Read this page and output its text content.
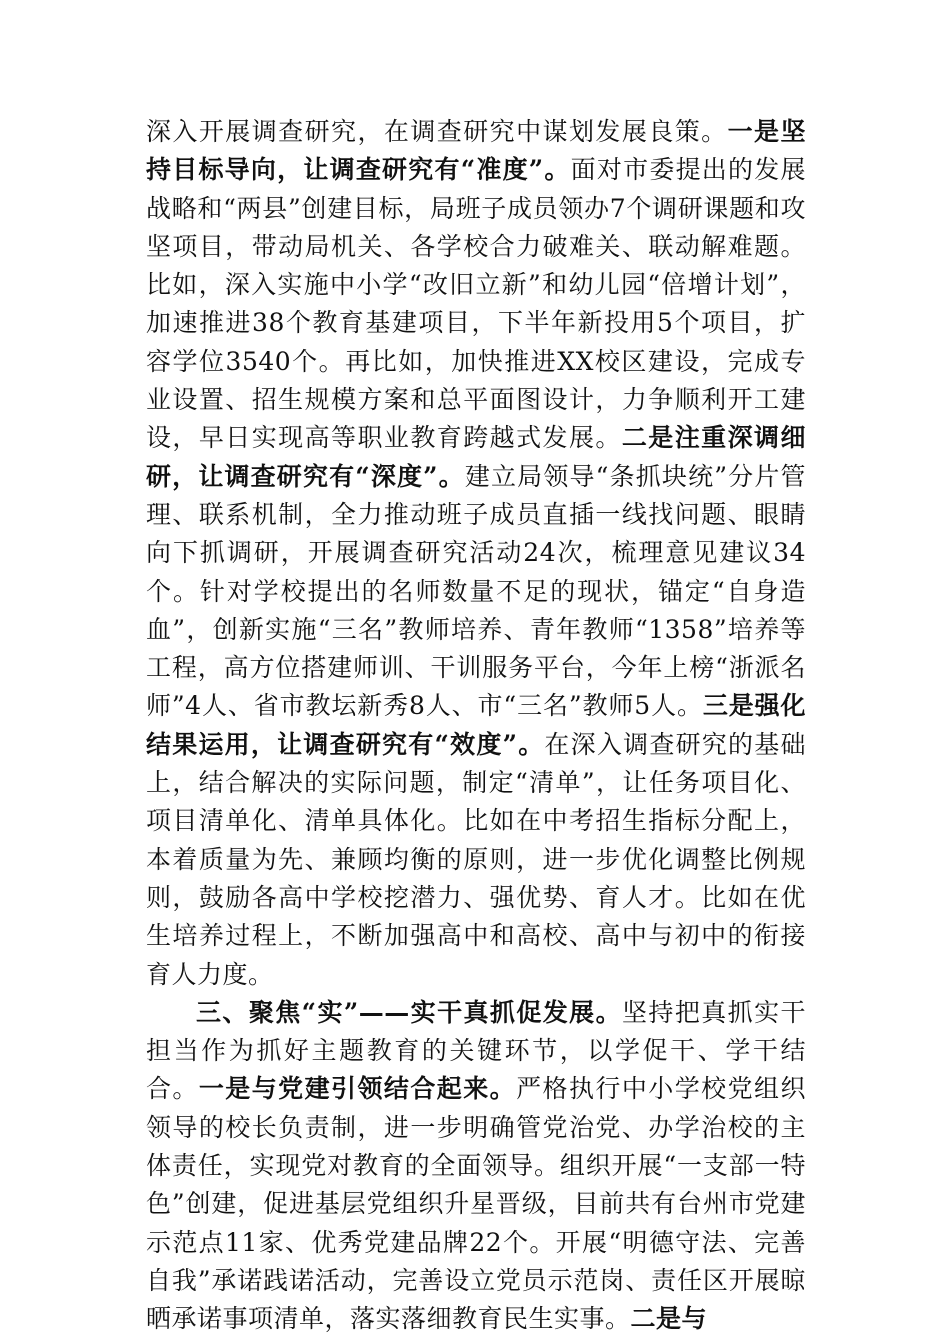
深入开展调查研究，在调查研究中谋划发展良策。一是坚持目标导向，让调查研究有“准度”。面对市委提出的发展战略和“两县”创建目标，局班子成员领办7个调研课题和攻坚项目，带动局机关、各学校合力破难关、联动解难题。比如，深入实施中小学“改旧立新”和幼儿园“倍增计划”，加速推进38个教育基建项目，下半年新投用5个项目，扩容学位3540个。再比如，加快推进XX校区建设，完成专业设置、招生规模方案和总平面图设计，力争顺利开工建设，早日实现高等职业教育跨越式发展。二是注重深调细研，让调查研究有“深度”。建立局领导“条抓块统”分片管理、联系机制，全力推动班子成员直插一线找问题、眼睛向下抓调研，开展调查研究活动24次，梳理意见建议34个。针对学校提出的名师数量不足的现状，锚定“自身造血”，创新实施“三名”教师培养、青年教师“1358”培养等工程，高方位搭建师训、干训服务平台，今年上榜“浙派名师”4人、省市教坛新秀8人、市“三名”教师5人。三是强化结果运用，让调查研究有“效度”。在深入调查研究的基础上，结合解决的实际问题，制定“清单”，让任务项目化、项目清单化、清单具体化。比如在中考招生指标分配上，本着质量为先、兼顾均衡的原则，进一步优化调整比例规则，鼓励各高中学校挖潜力、强优势、育人才。比如在优生培养过程上，不断加强高中和高校、高中与初中的衔接育人力度。

三、聚焦“实”——实干真抓促发展。坚持把真抓实干担当作为抓好主题教育的关键环节，以学促干、学干结合。一是与党建引领结合起来。严格执行中小学校党组织领导的校长负责制，进一步明确管党治党、办学治校的主体责任，实现党对教育的全面领导。组织开展“一支部一特色”创建，促进基层党组织升星晋级，目前共有台州市党建示范点11家、优秀党建品牌22个。开展“明德守法、完善自我”承诺践诺活动，完善设立党员示范岗、责任区开展晾晒承诺事项清单，落实落细教育民生实事。二是与
